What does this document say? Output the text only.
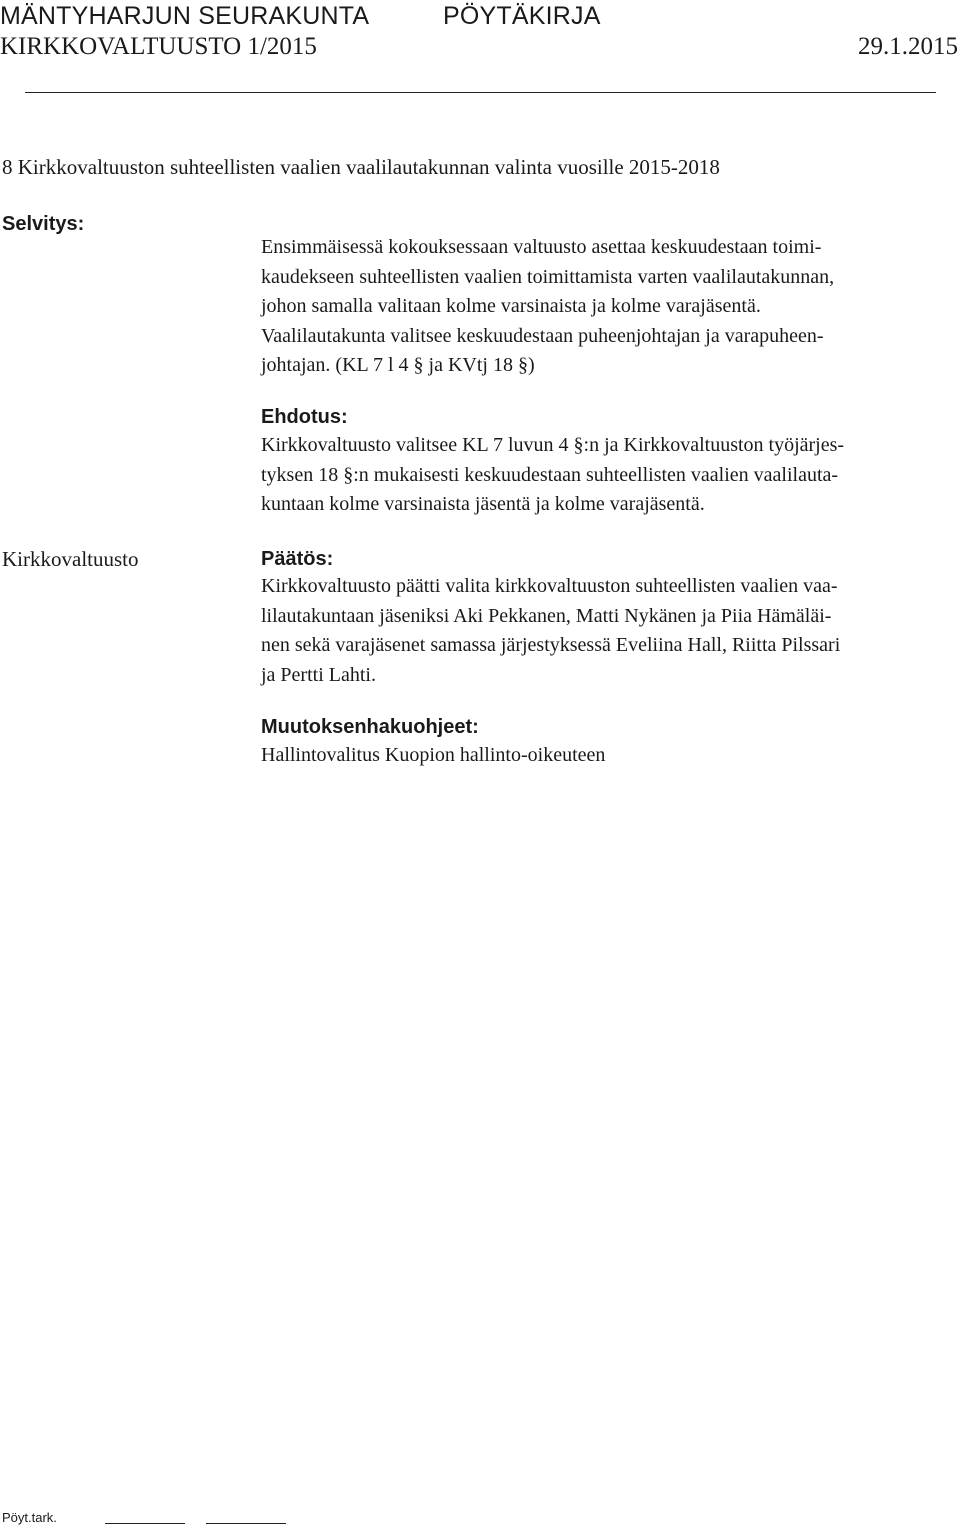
MÄNTYHARJUN SEURAKUNTA	PÖYTÄKIRJA
KIRKKOVALTUUSTO 1/2015	29.1.2015
8 Kirkkovaltuuston suhteellisten vaalien vaalilautakunnan valinta vuosille 2015-2018
Selvitys:
Ensimmäisessä kokouksessaan valtuusto asettaa keskuudestaan toimi-
kaudekseen suhteellisten vaalien toimittamista varten vaalilautakunnan,
johon samalla valitaan kolme varsinaista ja kolme varajäsentä.
Vaalilautakunta valitsee keskuudestaan puheenjohtajan ja varapuheen-
johtajan. (KL 7 l 4 § ja KVtj 18 §)
Ehdotus:
Kirkkovaltuusto valitsee KL 7 luvun 4 §:n ja Kirkkovaltuuston työjärjes-
tyksen 18 §:n mukaisesti keskuudestaan suhteellisten vaalien vaalilauta-
kuntaan kolme varsinaista jäsentä ja kolme varajäsentä.
Kirkkovaltuusto	Päätös:
Kirkkovaltuusto päätti valita kirkkovaltuuston suhteellisten vaalien vaa-
lilautakuntaan jäseniksi Aki Pekkanen, Matti Nykänen ja Piia Hämäläi-
nen sekä varajäsenet samassa järjestyksessä Eveliina Hall, Riitta Pilssari
ja Pertti Lahti.
Muutoksenhakuohjeet:
Hallintovalitus Kuopion hallinto-oikeuteen
Pöyt.tark.
